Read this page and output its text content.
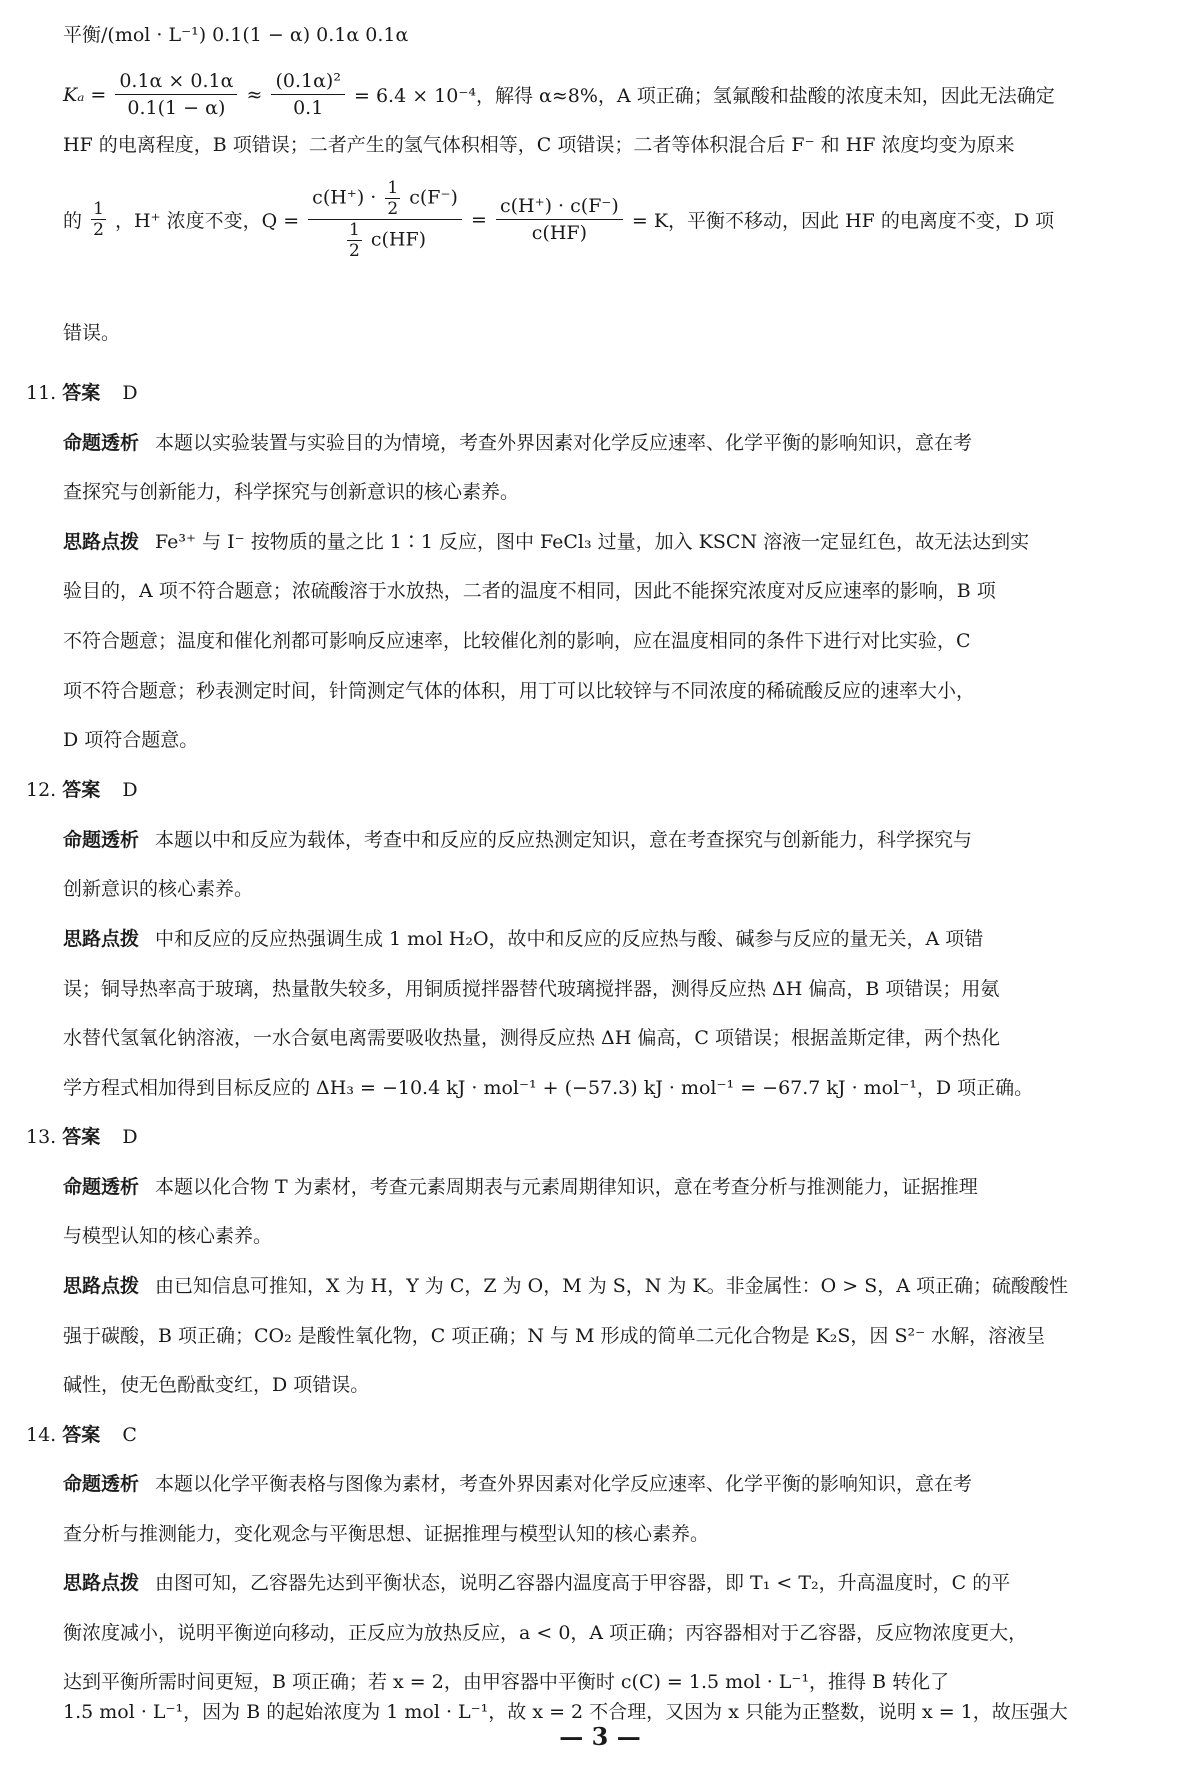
平衡/(mol · L⁻¹) 0.1(1 − α) 0.1α 0.1α
$K_a = \frac{0.1\alpha \times 0.1\alpha}{0.1(1 - \alpha)} \approx \frac{\text{(0.1α)²}}{0.1} = 6.4 \times 10^{-4}$，解得 α≈8%，A 项正确；氢氟酸和盐酸的浓度未知，因此无法确定
HF 的电离程度，B 项错误；二者产生的氢气体积相等，C 项错误；二者等体积混合后 F⁻ 和 HF 浓度均变为原来
的 $\frac{1}{2}$ ，H⁺ 浓度不变，Q =
$c(H^+) \cdot \frac{1}{2} c(F^-)$
$\frac{1}{2} c(HF)$
= $\frac{c(H^+) \cdot c(F^-)}{c(HF)} = K$，平衡不移动，因此 HF 的电离度不变，D 项
错误。
11. 答案 D
命题透析 本题以实验装置与实验目的为情境，考查外界因素对化学反应速率、化学平衡的影响知识，意在考
查探究与创新能力，科学探究与创新意识的核心素养。
思路点拨 Fe³⁺ 与 I⁻ 按物质的量之比 1∶1 反应，图中 FeCl₃ 过量，加入 KSCN 溶液一定显红色，故无法达到实
验目的，A 项不符合题意；浓硫酸溶于水放热，二者的温度不相同，因此不能探究浓度对反应速率的影响，B 项
不符合题意；温度和催化剂都可影响反应速率，比较催化剂的影响，应在温度相同的条件下进行对比实验，C
项不符合题意；秒表测定时间，针筒测定气体的体积，用丁可以比较锌与不同浓度的稀硫酸反应的速率大小，
D 项符合题意。
12. 答案 D
命题透析 本题以中和反应为载体，考查中和反应的反应热测定知识，意在考查探究与创新能力，科学探究与
创新意识的核心素养。
思路点拨 中和反应的反应热强调生成 1 mol H₂O，故中和反应的反应热与酸、碱参与反应的量无关，A 项错
误；铜导热率高于玻璃，热量散失较多，用铜质搅拌器替代玻璃搅拌器，测得反应热 ΔH 偏高，B 项错误；用氨
水替代氢氧化钠溶液，一水合氨电离需要吸收热量，测得反应热 ΔH 偏高，C 项错误；根据盖斯定律，两个热化
学方程式相加得到目标反应的 ΔH₃ = −10.4 kJ · mol⁻¹ + (−57.3) kJ · mol⁻¹ = −67.7 kJ · mol⁻¹，D 项正确。
13. 答案 D
命题透析 本题以化合物 T 为素材，考查元素周期表与元素周期律知识，意在考查分析与推测能力，证据推理
与模型认知的核心素养。
思路点拨 由已知信息可推知，X 为 H，Y 为 C，Z 为 O，M 为 S，N 为 K。非金属性：O > S，A 项正确；硫酸酸性
强于碳酸，B 项正确；CO₂ 是酸性氧化物，C 项正确；N 与 M 形成的简单二元化合物是 K₂S，因 S²⁻ 水解，溶液呈
碱性，使无色酚酞变红，D 项错误。
14. 答案 C
命题透析 本题以化学平衡表格与图像为素材，考查外界因素对化学反应速率、化学平衡的影响知识，意在考
查分析与推测能力，变化观念与平衡思想、证据推理与模型认知的核心素养。
思路点拨 由图可知，乙容器先达到平衡状态，说明乙容器内温度高于甲容器，即 T₁ < T₂，升高温度时，C 的平
衡浓度减小，说明平衡逆向移动，正反应为放热反应，a < 0，A 项正确；丙容器相对于乙容器，反应物浓度更大，
达到平衡所需时间更短，B 项正确；若 x = 2，由甲容器中平衡时 c(C) = 1.5 mol · L⁻¹，推得 B 转化了
1.5 mol · L⁻¹，因为 B 的起始浓度为 1 mol · L⁻¹，故 x = 2 不合理，又因为 x 只能为正整数，说明 x = 1，故压强大
— 3 —
